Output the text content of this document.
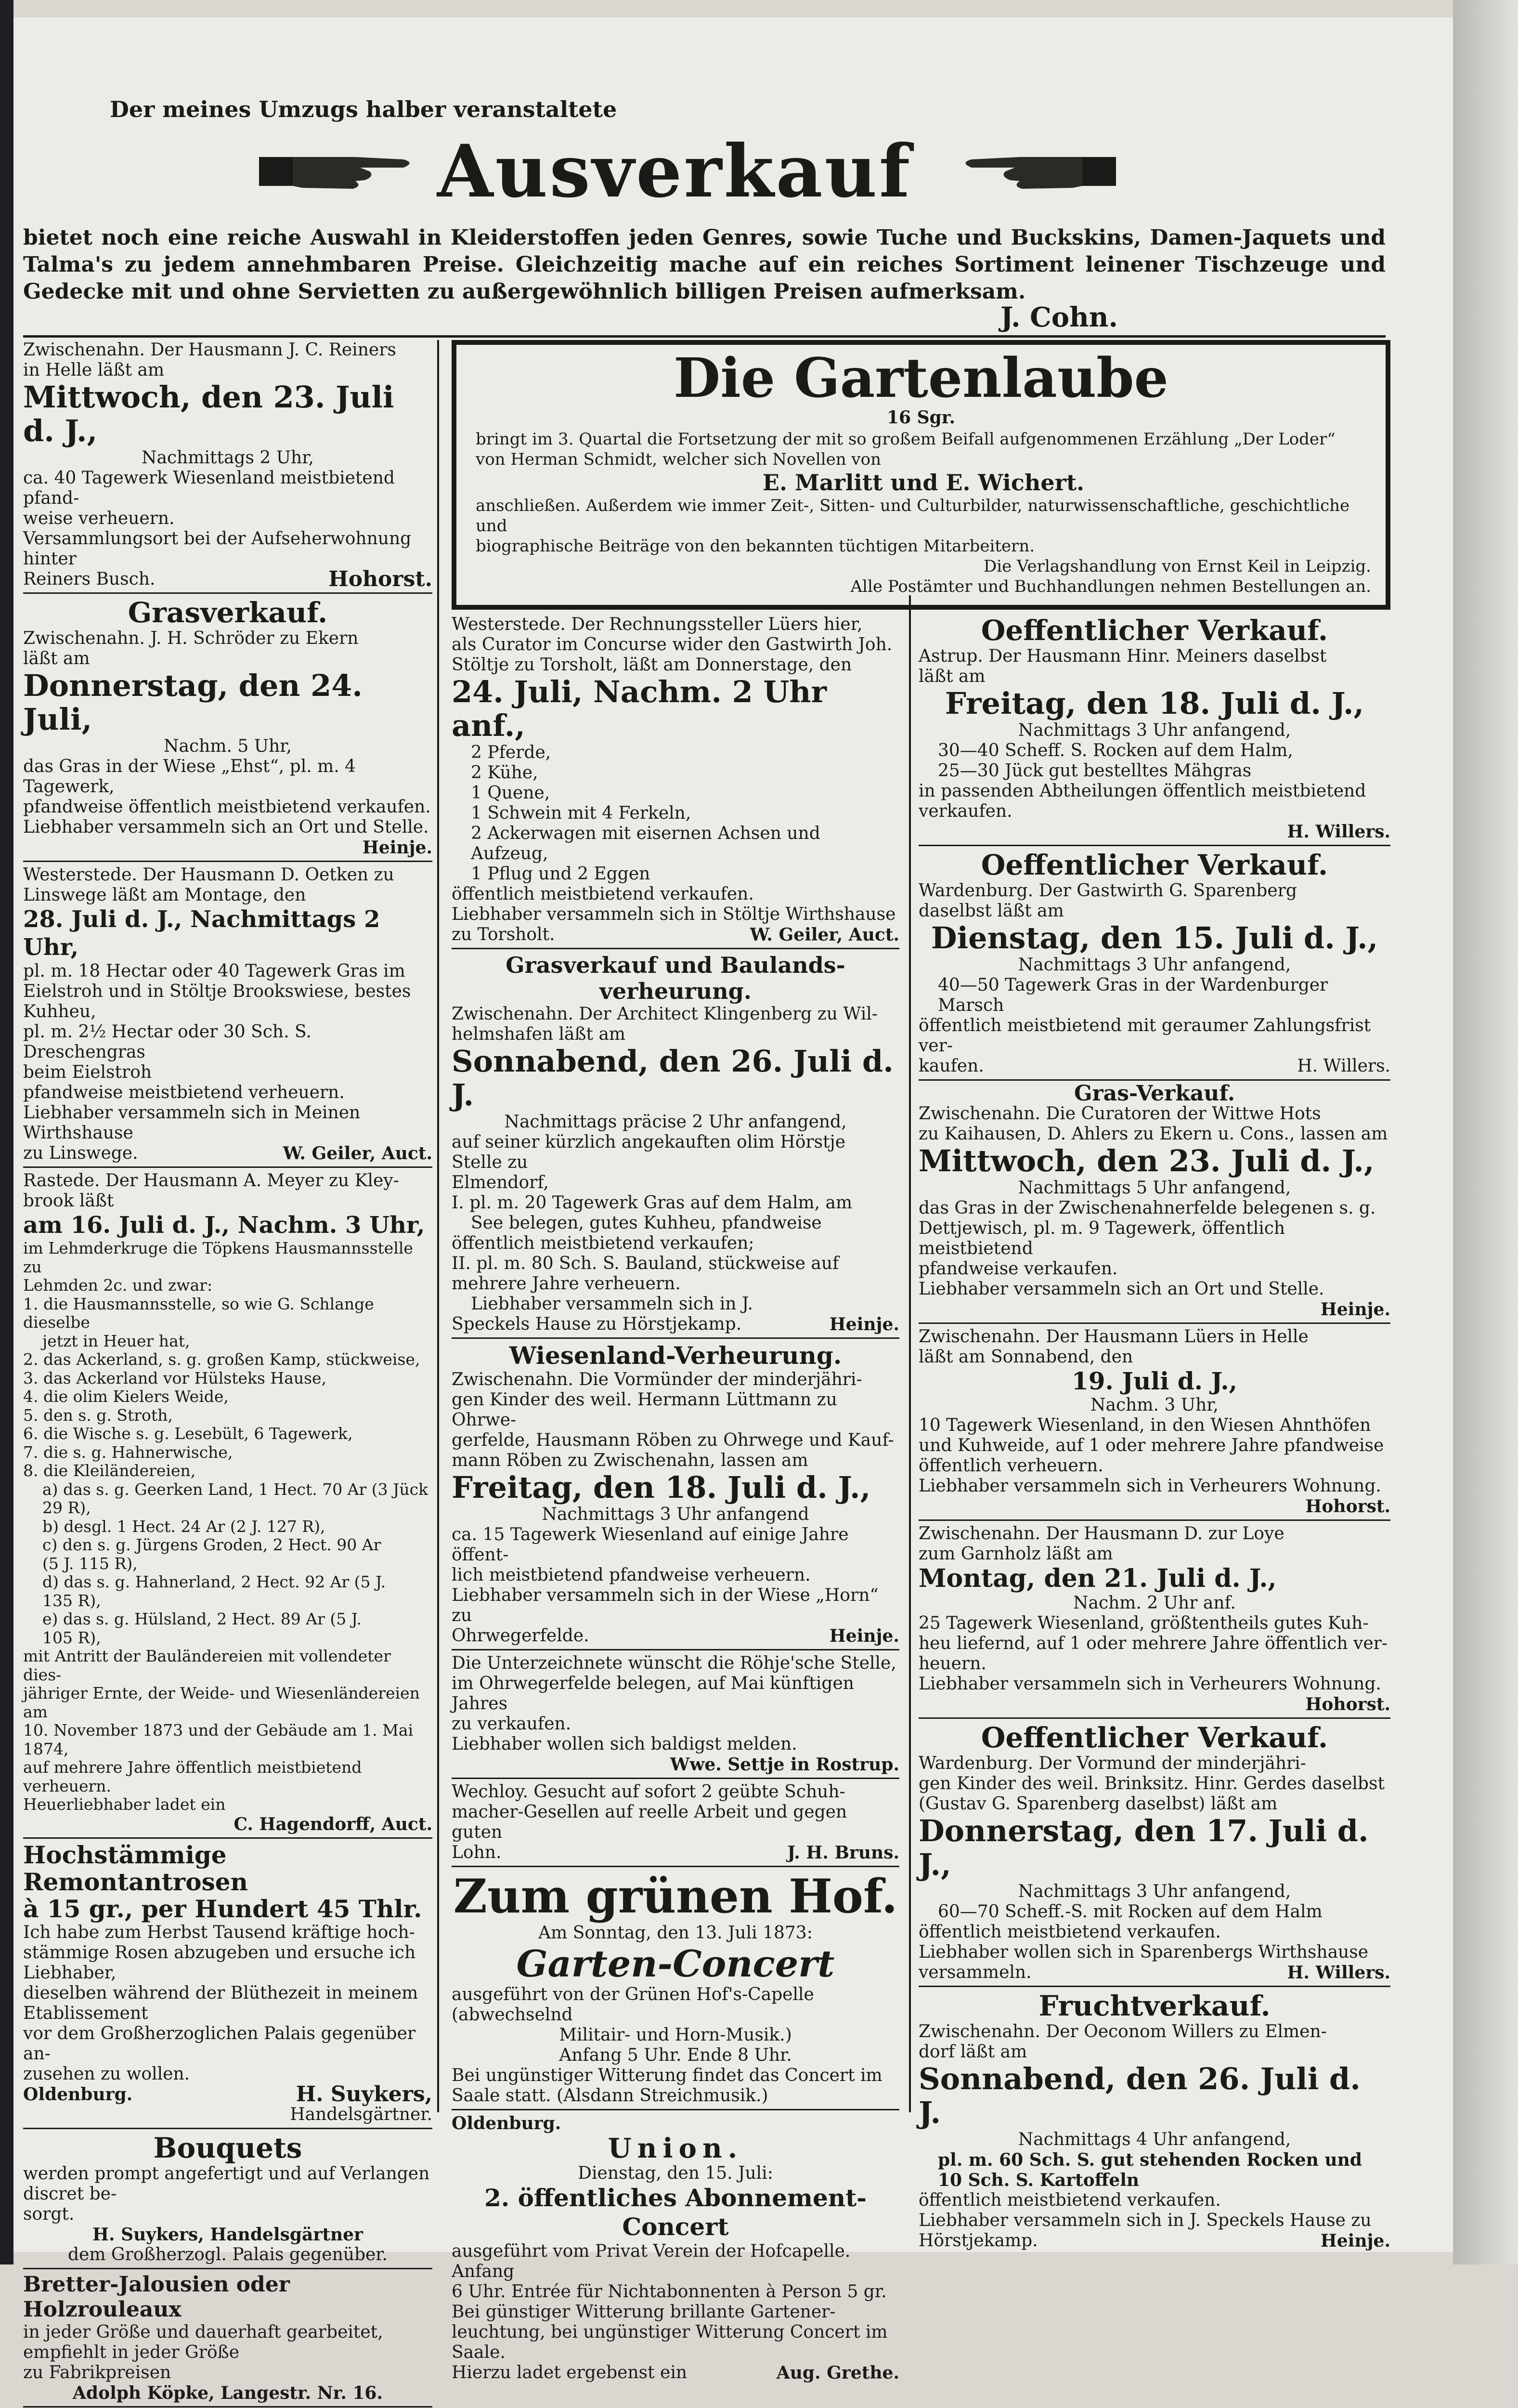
Der meines Umzugs halber veranstaltete
Ausverkauf
bietet noch eine reiche Auswahl in Kleiderstoffen jeden Genres, sowie Tuche und Buckskins, Damen-Jaquets und Talma's zu jedem annehmbaren Preise. Gleichzeitig mache auf ein reiches Sortiment leinener Tischzeuge und Gedecke mit und ohne Servietten zu außergewöhnlich billigen Preisen aufmerksam.
J. Cohn.
Zwischenahn. Der Hausmann J. C. Reiners
in Helle läßt am
Mittwoch, den 23. Juli d. J.,
Nachmittags 2 Uhr,
ca. 40 Tagewerk Wiesenland meistbietend pfand-
weise verheuern.
Versammlungsort bei der Aufseherwohnung hinter
Reiners Busch.	Hohorst.
Grasverkauf.
Zwischenahn. J. H. Schröder zu Ekern
läßt am
Donnerstag, den 24. Juli,
Nachm. 5 Uhr,
das Gras in der Wiese „Ehst“, pl. m. 4 Tagewerk,
pfandweise öffentlich meistbietend verkaufen.
Liebhaber versammeln sich an Ort und Stelle.
Heinje.
Westerstede. Der Hausmann D. Oetken zu
Linswege läßt am Montage, den
28. Juli d. J., Nachmittags 2 Uhr,
pl. m. 18 Hectar oder 40 Tagewerk Gras im
Eielstroh und in Stöltje Brookswiese, bestes Kuhheu,
pl. m. 2½ Hectar oder 30 Sch. S. Dreschengras
beim Eielstroh
pfandweise meistbietend verheuern.
Liebhaber versammeln sich in Meinen Wirthshause
zu Linswege.	W. Geiler, Auct.
Rastede. Der Hausmann A. Meyer zu Kley-
brook läßt
am 16. Juli d. J., Nachm. 3 Uhr,
im Lehmderkruge die Töpkens Hausmannsstelle zu
Lehmden 2c. und zwar:
1. die Hausmannsstelle, so wie G. Schlange dieselbe
jetzt in Heuer hat,
2. das Ackerland, s. g. großen Kamp, stückweise,
3. das Ackerland vor Hülsteks Hause,
4. die olim Kielers Weide,
5. den s. g. Stroth,
6. die Wische s. g. Lesebült, 6 Tagewerk,
7. die s. g. Hahnerwische,
8. die Kleiländereien,
a) das s. g. Geerken Land, 1 Hect. 70 Ar (3 Jück
29 R),
b) desgl. 1 Hect. 24 Ar (2 J. 127 R),
c) den s. g. Jürgens Groden, 2 Hect. 90 Ar
(5 J. 115 R),
d) das s. g. Hahnerland, 2 Hect. 92 Ar (5 J.
135 R),
e) das s. g. Hülsland, 2 Hect. 89 Ar (5 J.
105 R),
mit Antritt der Bauländereien mit vollendeter dies-
jähriger Ernte, der Weide- und Wiesenländereien am
10. November 1873 und der Gebäude am 1. Mai 1874,
auf mehrere Jahre öffentlich meistbietend verheuern.
Heuerliebhaber ladet ein
C. Hagendorff, Auct.
Hochstämmige Remontantrosen
à 15 gr., per Hundert 45 Thlr.
Ich habe zum Herbst Tausend kräftige hoch-
stämmige Rosen abzugeben und ersuche ich Liebhaber,
dieselben während der Blüthezeit in meinem Etablissement
vor dem Großherzoglichen Palais gegenüber an-
zusehen zu wollen.
Oldenburg.	H. Suykers,
Handelsgärtner.
Bouquets
werden prompt angefertigt und auf Verlangen discret be-
sorgt.
H. Suykers, Handelsgärtner
dem Großherzogl. Palais gegenüber.
Bretter-Jalousien oder Holzrouleaux
in jeder Größe und dauerhaft gearbeitet, empfiehlt in jeder Größe
zu Fabrikpreisen
Adolph Köpke, Langestr. Nr. 16.
Die Gartenlaube
16 Sgr.
bringt im 3. Quartal die Fortsetzung der mit so großem Beifall aufgenommenen Erzählung „Der Loder“
von Herman Schmidt, welcher sich Novellen von
E. Marlitt und E. Wichert.
anschließen. Außerdem wie immer Zeit-, Sitten- und Culturbilder, naturwissenschaftliche, geschichtliche und
biographische Beiträge von den bekannten tüchtigen Mitarbeitern.
Die Verlagshandlung von Ernst Keil in Leipzig.
Alle Postämter und Buchhandlungen nehmen Bestellungen an.
Westerstede. Der Rechnungssteller Lüers hier,
als Curator im Concurse wider den Gastwirth Joh.
Stöltje zu Torsholt, läßt am Donnerstage, den
24. Juli, Nachm. 2 Uhr anf.,
2 Pferde,
2 Kühe,
1 Quene,
1 Schwein mit 4 Ferkeln,
2 Ackerwagen mit eisernen Achsen und Aufzeug,
1 Pflug und 2 Eggen
öffentlich meistbietend verkaufen.
Liebhaber versammeln sich in Stöltje Wirthshause
zu Torsholt.	W. Geiler, Auct.
Grasverkauf und Baulands-
verheurung.
Zwischenahn. Der Architect Klingenberg zu Wil-
helmshafen läßt am
Sonnabend, den 26. Juli d. J.
Nachmittags präcise 2 Uhr anfangend,
auf seiner kürzlich angekauften olim Hörstje Stelle zu
Elmendorf,
I. pl. m. 20 Tagewerk Gras auf dem Halm, am
See belegen, gutes Kuhheu, pfandweise
öffentlich meistbietend verkaufen;
II. pl. m. 80 Sch. S. Bauland, stückweise auf
mehrere Jahre verheuern.
Liebhaber versammeln sich in J.
Speckels Hause zu Hörstjekamp.	Heinje.
Wiesenland-Verheurung.
Zwischenahn. Die Vormünder der minderjähri-
gen Kinder des weil. Hermann Lüttmann zu Ohrwe-
gerfelde, Hausmann Röben zu Ohrwege und Kauf-
mann Röben zu Zwischenahn, lassen am
Freitag, den 18. Juli d. J.,
Nachmittags 3 Uhr anfangend
ca. 15 Tagewerk Wiesenland auf einige Jahre öffent-
lich meistbietend pfandweise verheuern.
Liebhaber versammeln sich in der Wiese „Horn“ zu
Ohrwegerfelde.	Heinje.
Die Unterzeichnete wünscht die Röhje'sche Stelle,
im Ohrwegerfelde belegen, auf Mai künftigen Jahres
zu verkaufen.
Liebhaber wollen sich baldigst melden.
Wwe. Settje in Rostrup.
Wechloy. Gesucht auf sofort 2 geübte Schuh-
macher-Gesellen auf reelle Arbeit und gegen guten
Lohn.	J. H. Bruns.
Zum grünen Hof.
Am Sonntag, den 13. Juli 1873:
Garten-Concert
ausgeführt von der Grünen Hof's-Capelle (abwechselnd
Militair- und Horn-Musik.)
Anfang 5 Uhr. Ende 8 Uhr.
Bei ungünstiger Witterung findet das Concert im
Saale statt. (Alsdann Streichmusik.)
Oldenburg.
Union.
Dienstag, den 15. Juli:
2. öffentliches Abonnement-Concert
ausgeführt vom Privat Verein der Hofcapelle. Anfang
6 Uhr. Entrée für Nichtabonnenten à Person 5 gr.
Bei günstiger Witterung brillante Gartener-
leuchtung, bei ungünstiger Witterung Concert im
Saale.
Hierzu ladet ergebenst ein	Aug. Grethe.
Oeffentlicher Verkauf.
Astrup. Der Hausmann Hinr. Meiners daselbst
läßt am
Freitag, den 18. Juli d. J.,
Nachmittags 3 Uhr anfangend,
30—40 Scheff. S. Rocken auf dem Halm,
25—30 Jück gut bestelltes Mähgras
in passenden Abtheilungen öffentlich meistbietend verkaufen.
H. Willers.
Oeffentlicher Verkauf.
Wardenburg. Der Gastwirth G. Sparenberg
daselbst läßt am
Dienstag, den 15. Juli d. J.,
Nachmittags 3 Uhr anfangend,
40—50 Tagewerk Gras in der Wardenburger
Marsch
öffentlich meistbietend mit geraumer Zahlungsfrist ver-
kaufen.	H. Willers.
Gras-Verkauf.
Zwischenahn. Die Curatoren der Wittwe Hots
zu Kaihausen, D. Ahlers zu Ekern u. Cons., lassen am
Mittwoch, den 23. Juli d. J.,
Nachmittags 5 Uhr anfangend,
das Gras in der Zwischenahnerfelde belegenen s. g.
Dettjewisch, pl. m. 9 Tagewerk, öffentlich meistbietend
pfandweise verkaufen.
Liebhaber versammeln sich an Ort und Stelle.
Heinje.
Zwischenahn. Der Hausmann Lüers in Helle
läßt am Sonnabend, den
19. Juli d. J.,
Nachm. 3 Uhr,
10 Tagewerk Wiesenland, in den Wiesen Ahnthöfen
und Kuhweide, auf 1 oder mehrere Jahre pfandweise
öffentlich verheuern.
Liebhaber versammeln sich in Verheurers Wohnung.
Hohorst.
Zwischenahn. Der Hausmann D. zur Loye
zum Garnholz läßt am
Montag, den 21. Juli d. J.,
Nachm. 2 Uhr anf.
25 Tagewerk Wiesenland, größtentheils gutes Kuh-
heu liefernd, auf 1 oder mehrere Jahre öffentlich ver-
heuern.
Liebhaber versammeln sich in Verheurers Wohnung.
Hohorst.
Oeffentlicher Verkauf.
Wardenburg. Der Vormund der minderjähri-
gen Kinder des weil. Brinksitz. Hinr. Gerdes daselbst
(Gustav G. Sparenberg daselbst) läßt am
Donnerstag, den 17. Juli d. J.,
Nachmittags 3 Uhr anfangend,
60—70 Scheff.-S. mit Rocken auf dem Halm
öffentlich meistbietend verkaufen.
Liebhaber wollen sich in Sparenbergs Wirthshause
versammeln.	H. Willers.
Fruchtverkauf.
Zwischenahn. Der Oeconom Willers zu Elmen-
dorf läßt am
Sonnabend, den 26. Juli d. J.
Nachmittags 4 Uhr anfangend,
pl. m. 60 Sch. S. gut stehenden Rocken und
10 Sch. S. Kartoffeln
öffentlich meistbietend verkaufen.
Liebhaber versammeln sich in J. Speckels Hause zu
Hörstjekamp.	Heinje.
